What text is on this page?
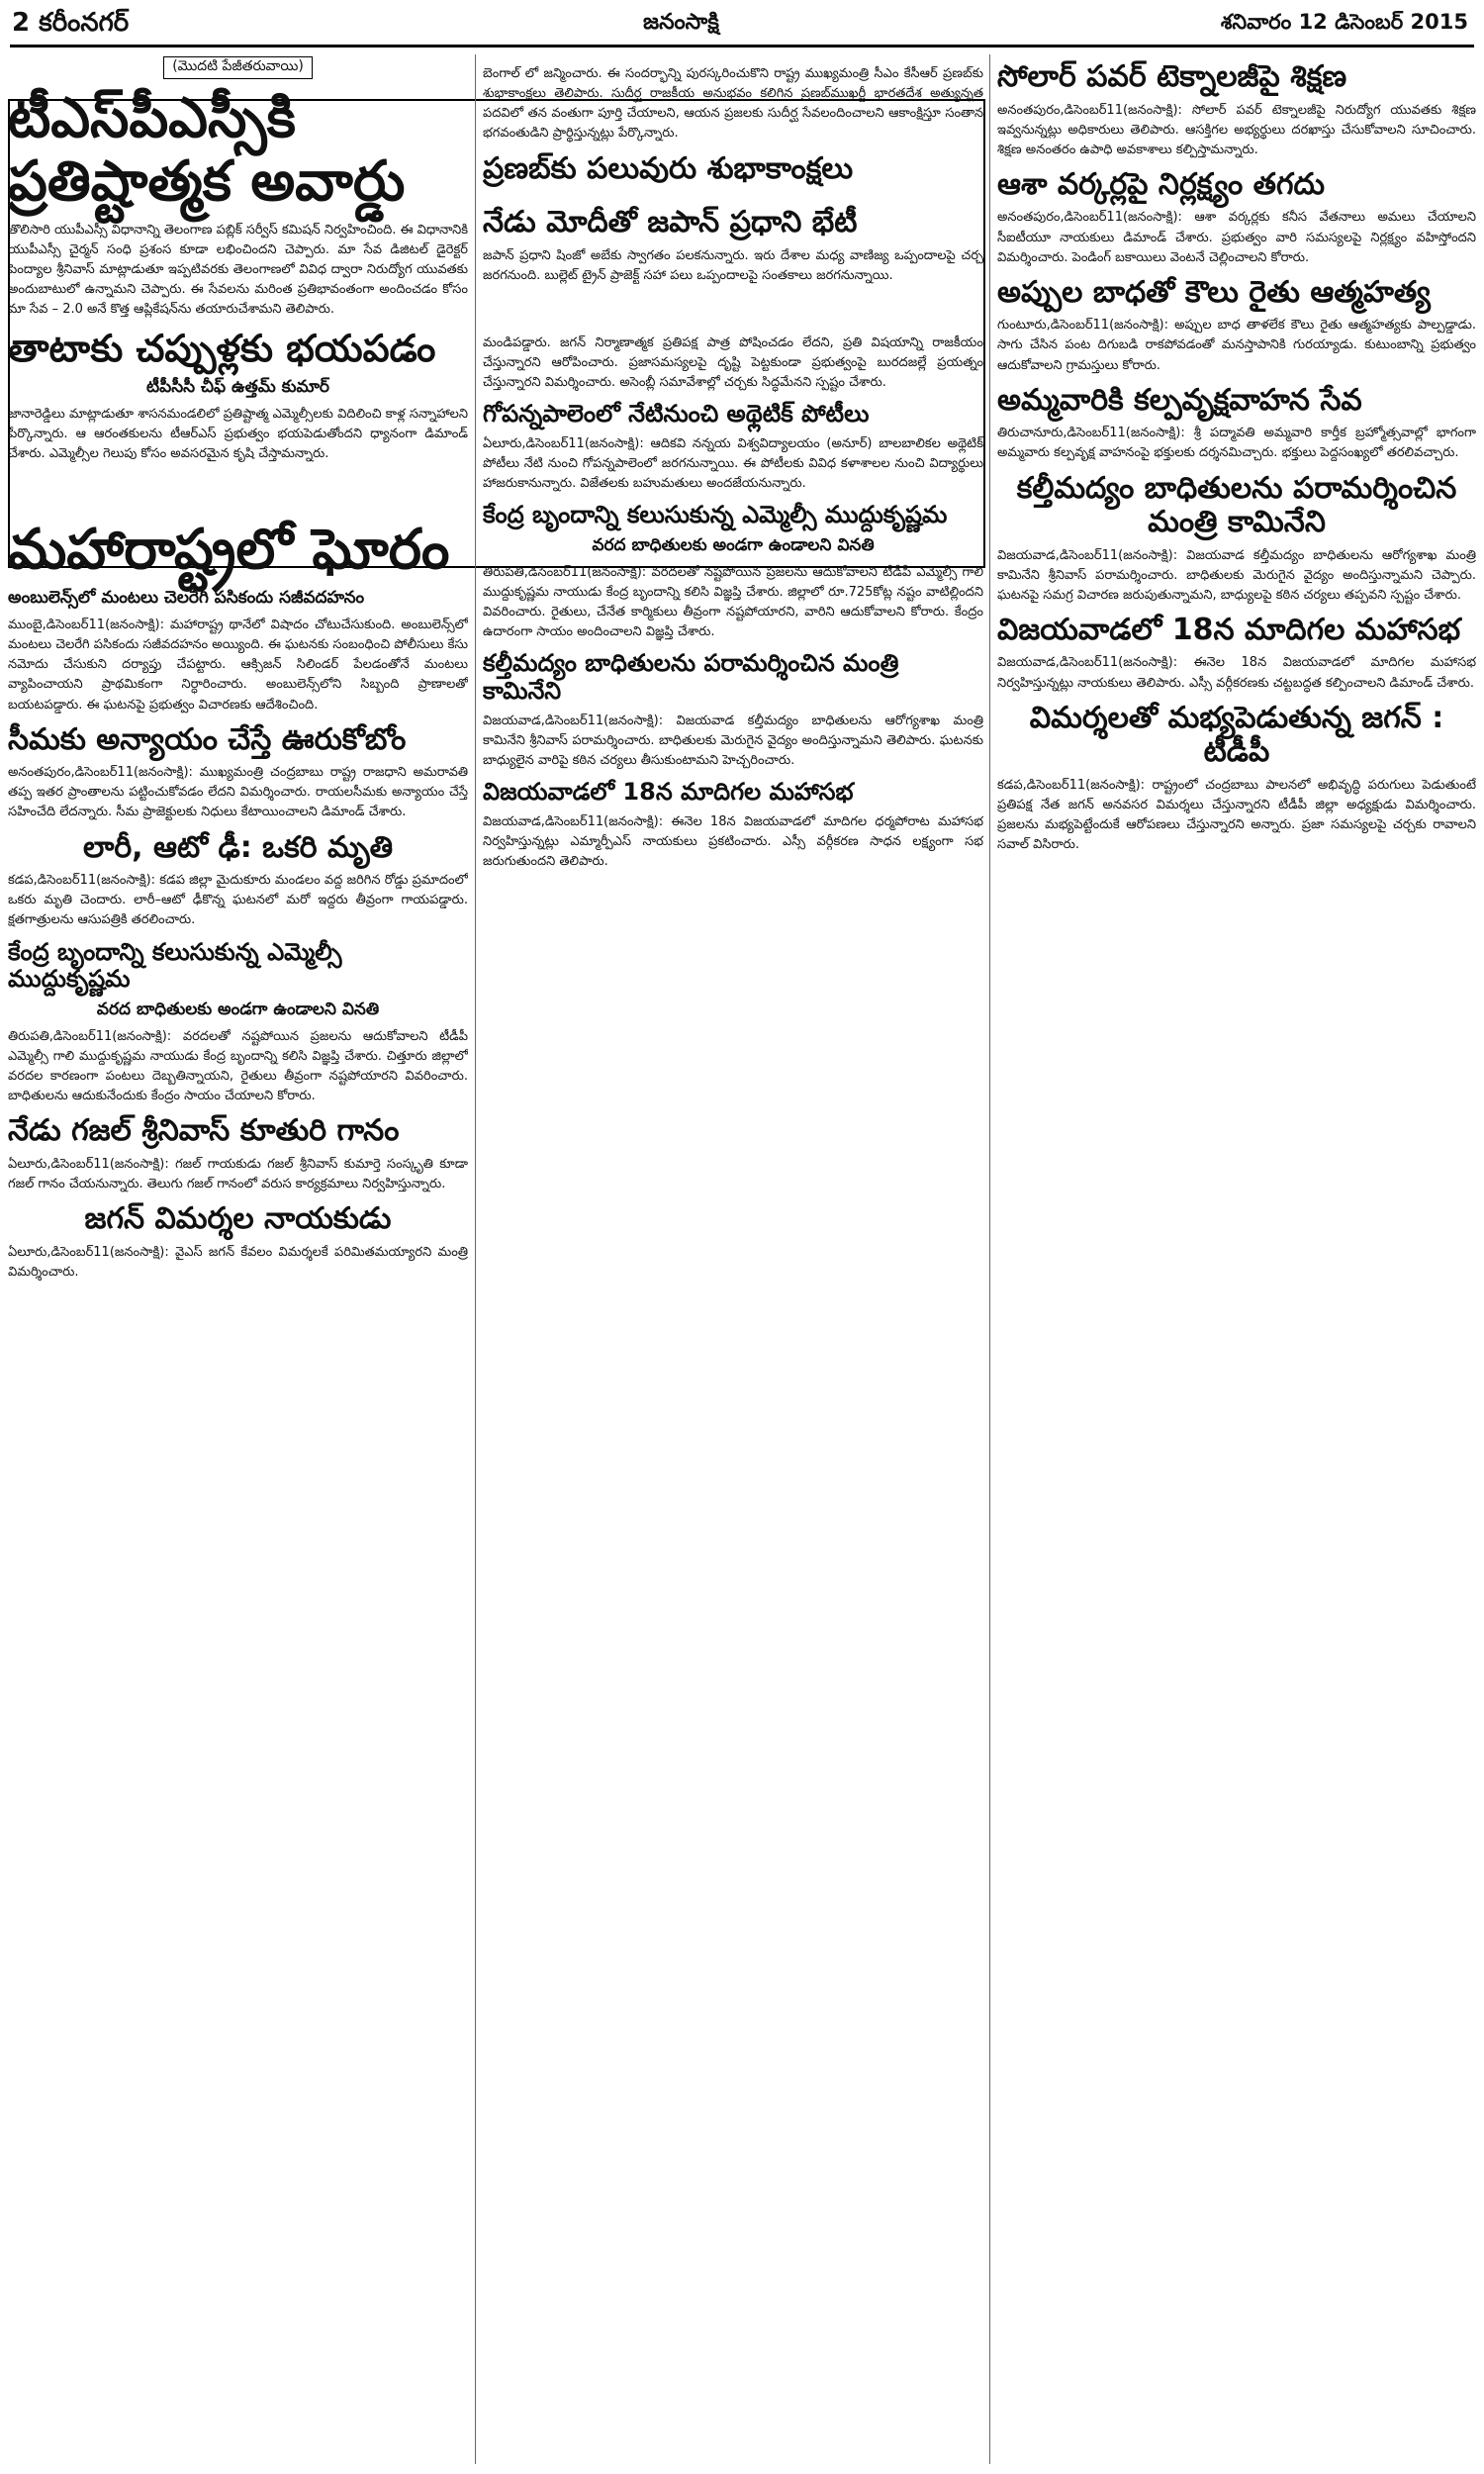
2 కరీంనగర్	జనంసాక్షి	శనివారం 12 డిసెంబర్ 2015
(మొదటి పేజీతరువాయి)
టీఎస్‌పీఎస్సీకి ప్రతిష్టాత్మక అవార్డు

తొలిసారి యుపీఎస్సీ విధానాన్ని తెలంగాణ పబ్లిక్ సర్వీస్ కమిషన్ నిర్వహించింది. ఈ విధానానికి యుపీఎస్సీ చైర్మన్ సంధి ప్రశంస కూడా లభించిందని చెప్పారు. మా సేవ డిజిటల్ డైరెక్టర్ పెంద్యాల శ్రీనివాస్ మాట్లాడుతూ ఇప్పటివరకు తెలంగాణలో వివిధ ద్వారా నిరుద్యోగ యువతకు అందుబాటులో ఉన్నామని చెప్పారు. ఈ సేవలను మరింత ప్రతిభావంతంగా అందించడం కోసం మా సేవ – 2.0 అనే కొత్త ఆప్లికేషన్‌ను తయారుచేశామని తెలిపారు.

తాటాకు చప్పుళ్లకు భయపడం
టీపీసీసీ చీఫ్ ఉత్తమ్ కుమార్

జానారెడ్డిలు మాట్లాడుతూ శాసనమండలిలో ప్రతిష్టాత్మ ఎమ్మెల్సీలకు విదిలించి కాళ్ల సన్నాహాలని పేర్కొన్నారు. ఆ ఆరంతకులను టీఆర్ఎస్ ప్రభుత్వం భయపెడుతోందని ధ్యానంగా డిమాండ్ చేశారు. ఎమ్మెల్సీల గెలుపు కోసం అవసరమైన కృషి చేస్తామన్నారు.

మహారాష్ట్రలో ఘోరం
అంబులెన్స్‌లో మంటలు చెలరేగి పసికందు సజీవదహనం

ముంబై,డిసెంబర్11(జనంసాక్షి): మహారాష్ట్ర థానేలో విషాదం చోటుచేసుకుంది. అంబులెన్స్‌లో మంటలు చెలరేగి పసికందు సజీవదహనం అయ్యింది. ఈ ఘటనకు సంబంధించి పోలీసులు కేసు నమోదు చేసుకుని దర్యాప్తు చేపట్టారు. ఆక్సిజన్ సిలిండర్ పేలడంతోనే మంటలు వ్యాపించాయని ప్రాథమికంగా నిర్ధారించారు. అంబులెన్స్‌లోని సిబ్బంది ప్రాణాలతో బయటపడ్డారు. ఈ ఘటనపై ప్రభుత్వం విచారణకు ఆదేశించింది.

సీమకు అన్యాయం చేస్తే ఊరుకోబోం

అనంతపురం,డిసెంబర్11(జనంసాక్షి): ముఖ్యమంత్రి చంద్రబాబు రాష్ట్ర రాజధాని అమరావతి తప్ప ఇతర ప్రాంతాలను పట్టించుకోవడం లేదని విమర్శించారు. రాయలసీమకు అన్యాయం చేస్తే సహించేది లేదన్నారు. సీమ ప్రాజెక్టులకు నిధులు కేటాయించాలని డిమాండ్ చేశారు.

లారీ, ఆటో ఢీ: ఒకరి మృతి

కడప,డిసెంబర్11(జనంసాక్షి): కడప జిల్లా మైదుకూరు మండలం వద్ద జరిగిన రోడ్డు ప్రమాదంలో ఒకరు మృతి చెందారు. లారీ–ఆటో ఢీకొన్న ఘటనలో మరో ఇద్దరు తీవ్రంగా గాయపడ్డారు. క్షతగాత్రులను ఆసుపత్రికి తరలించారు.

కేంద్ర బృందాన్ని కలుసుకున్న ఎమ్మెల్సీ ముద్దుకృష్ణమ
వరద బాధితులకు అండగా ఉండాలని వినతి

తిరుపతి,డిసెంబర్11(జనంసాక్షి): వరదలతో నష్టపోయిన ప్రజలను ఆదుకోవాలని టీడీపీ ఎమ్మెల్సీ గాలి ముద్దుకృష్ణమ నాయుడు కేంద్ర బృందాన్ని కలిసి విజ్ఞప్తి చేశారు. చిత్తూరు జిల్లాలో వరదల కారణంగా పంటలు దెబ్బతిన్నాయని, రైతులు తీవ్రంగా నష్టపోయారని వివరించారు. బాధితులను ఆదుకునేందుకు కేంద్రం సాయం చేయాలని కోరారు.

నేడు గజల్ శ్రీనివాస్ కూతురి గానం

ఏలూరు,డిసెంబర్11(జనంసాక్షి): గజల్ గాయకుడు గజల్ శ్రీనివాస్ కుమార్తె సంస్కృతి కూడా గజల్ గానం చేయనున్నారు. తెలుగు గజల్ గానంలో వరుస కార్యక్రమాలు నిర్వహిస్తున్నారు.

జగన్ విమర్శల నాయకుడు

ఏలూరు,డిసెంబర్11(జనంసాక్షి): వైఎస్ జగన్ కేవలం విమర్శలకే పరిమితమయ్యారని మంత్రి విమర్శించారు.

బెంగాల్ లో జన్మించారు. ఈ సందర్భాన్ని పురస్కరించుకొని రాష్ట్ర ముఖ్యమంత్రి సీఎం కేసీఆర్ ప్రణబ్‌కు శుభాకాంక్షలు తెలిపారు. సుదీర్ఘ రాజకీయ అనుభవం కలిగిన ప్రణబ్‌ముఖర్జీ భారతదేశ అత్యున్నత పదవిలో తన వంతుగా పూర్తి చేయాలని, ఆయన ప్రజలకు సుదీర్ఘ సేవలందించాలని ఆకాంక్షిస్తూ సంతాన భగవంతుడిని ప్రార్థిస్తున్నట్లు పేర్కొన్నారు.

ప్రణబ్‌కు పలువురు శుభాకాంక్షలు
నేడు మోదీతో జపాన్ ప్రధాని భేటీ

జపాన్ ప్రధాని షింజో అబేకు స్వాగతం పలకనున్నారు. ఇరు దేశాల మధ్య వాణిజ్య ఒప్పందాలపై చర్చ జరగనుంది. బుల్లెట్ ట్రైన్ ప్రాజెక్ట్ సహా పలు ఒప్పందాలపై సంతకాలు జరగనున్నాయి.

మండిపడ్డారు. జగన్ నిర్మాణాత్మక ప్రతిపక్ష పాత్ర పోషించడం లేదని, ప్రతి విషయాన్ని రాజకీయం చేస్తున్నారని ఆరోపించారు. ప్రజాసమస్యలపై దృష్టి పెట్టకుండా ప్రభుత్వంపై బురదజల్లే ప్రయత్నం చేస్తున్నారని విమర్శించారు. అసెంబ్లీ సమావేశాల్లో చర్చకు సిద్ధమేనని స్పష్టం చేశారు.

గోపన్నపాలెంలో నేటినుంచి అథ్లెటిక్ పోటీలు

ఏలూరు,డిసెంబర్11(జనంసాక్షి): ఆదికవి నన్నయ విశ్వవిద్యాలయం (అనూర్) బాలబాలికల అథ్లెటిక్ పోటీలు నేటి నుంచి గోపన్నపాలెంలో జరగనున్నాయి. ఈ పోటీలకు వివిధ కళాశాలల నుంచి విద్యార్థులు హాజరుకానున్నారు. విజేతలకు బహుమతులు అందజేయనున్నారు.

కేంద్ర బృందాన్ని కలుసుకున్న ఎమ్మెల్సీ ముద్దుకృష్ణమ
వరద బాధితులకు అండగా ఉండాలని వినతి

తిరుపతి,డిసెంబర్11(జనంసాక్షి): వరదలతో నష్టపోయిన ప్రజలను ఆదుకోవాలని టీడీపీ ఎమ్మెల్సీ గాలి ముద్దుకృష్ణమ నాయుడు కేంద్ర బృందాన్ని కలిసి విజ్ఞప్తి చేశారు. జిల్లాలో రూ.725కోట్ల నష్టం వాటిల్లిందని వివరించారు. రైతులు, చేనేత కార్మికులు తీవ్రంగా నష్టపోయారని, వారిని ఆదుకోవాలని కోరారు. కేంద్రం ఉదారంగా సాయం అందించాలని విజ్ఞప్తి చేశారు.

కల్తీమద్యం బాధితులను పరామర్శించిన మంత్రి కామినేని

విజయవాడ,డిసెంబర్11(జనంసాక్షి): విజయవాడ కల్తీమద్యం బాధితులను ఆరోగ్యశాఖ మంత్రి కామినేని శ్రీనివాస్ పరామర్శించారు. బాధితులకు మెరుగైన వైద్యం అందిస్తున్నామని తెలిపారు. ఘటనకు బాధ్యులైన వారిపై కఠిన చర్యలు తీసుకుంటామని హెచ్చరించారు.

విజయవాడలో 18న మాదిగల మహాసభ

విజయవాడ,డిసెంబర్11(జనంసాక్షి): ఈనెల 18న విజయవాడలో మాదిగల ధర్మపోరాట మహాసభ నిర్వహిస్తున్నట్లు ఎమ్మార్పీఎస్ నాయకులు ప్రకటించారు. ఎస్సీ వర్గీకరణ సాధన లక్ష్యంగా సభ జరుగుతుందని తెలిపారు.

సోలార్ పవర్ టెక్నాలజీపై శిక్షణ

అనంతపురం,డిసెంబర్11(జనంసాక్షి): సోలార్ పవర్ టెక్నాలజీపై నిరుద్యోగ యువతకు శిక్షణ ఇవ్వనున్నట్లు అధికారులు తెలిపారు. ఆసక్తిగల అభ్యర్థులు దరఖాస్తు చేసుకోవాలని సూచించారు. శిక్షణ అనంతరం ఉపాధి అవకాశాలు కల్పిస్తామన్నారు.

ఆశా వర్కర్లపై నిర్లక్ష్యం తగదు

అనంతపురం,డిసెంబర్11(జనంసాక్షి): ఆశా వర్కర్లకు కనీస వేతనాలు అమలు చేయాలని సీఐటీయూ నాయకులు డిమాండ్ చేశారు. ప్రభుత్వం వారి సమస్యలపై నిర్లక్ష్యం వహిస్తోందని విమర్శించారు. పెండింగ్ బకాయిలు వెంటనే చెల్లించాలని కోరారు.

అప్పుల బాధతో కౌలు రైతు ఆత్మహత్య

గుంటూరు,డిసెంబర్11(జనంసాక్షి): అప్పుల బాధ తాళలేక కౌలు రైతు ఆత్మహత్యకు పాల్పడ్డాడు. సాగు చేసిన పంట దిగుబడి రాకపోవడంతో మనస్తాపానికి గురయ్యాడు. కుటుంబాన్ని ప్రభుత్వం ఆదుకోవాలని గ్రామస్తులు కోరారు.

అమ్మవారికి కల్పవృక్షవాహన సేవ

తిరుచానూరు,డిసెంబర్11(జనంసాక్షి): శ్రీ పద్మావతి అమ్మవారి కార్తీక బ్రహ్మోత్సవాల్లో భాగంగా అమ్మవారు కల్పవృక్ష వాహనంపై భక్తులకు దర్శనమిచ్చారు. భక్తులు పెద్దసంఖ్యలో తరలివచ్చారు.

కల్తీమద్యం బాధితులను పరామర్శించిన మంత్రి కామినేని

విజయవాడ,డిసెంబర్11(జనంసాక్షి): విజయవాడ కల్తీమద్యం బాధితులను ఆరోగ్యశాఖ మంత్రి కామినేని శ్రీనివాస్ పరామర్శించారు. బాధితులకు మెరుగైన వైద్యం అందిస్తున్నామని చెప్పారు. ఘటనపై సమగ్ర విచారణ జరుపుతున్నామని, బాధ్యులపై కఠిన చర్యలు తప్పవని స్పష్టం చేశారు.

విజయవాడలో 18న మాదిగల మహాసభ

విజయవాడ,డిసెంబర్11(జనంసాక్షి): ఈనెల 18న విజయవాడలో మాదిగల మహాసభ నిర్వహిస్తున్నట్లు నాయకులు తెలిపారు. ఎస్సీ వర్గీకరణకు చట్టబద్ధత కల్పించాలని డిమాండ్ చేశారు.

విమర్శలతో మభ్యపెడుతున్న జగన్ : టీడీపీ

కడప,డిసెంబర్11(జనంసాక్షి): రాష్ట్రంలో చంద్రబాబు పాలనలో అభివృద్ధి పరుగులు పెడుతుంటే ప్రతిపక్ష నేత జగన్ అనవసర విమర్శలు చేస్తున్నారని టీడీపీ జిల్లా అధ్యక్షుడు విమర్శించారు. ప్రజలను మభ్యపెట్టేందుకే ఆరోపణలు చేస్తున్నారని అన్నారు. ప్రజా సమస్యలపై చర్చకు రావాలని సవాల్ విసిరారు.
